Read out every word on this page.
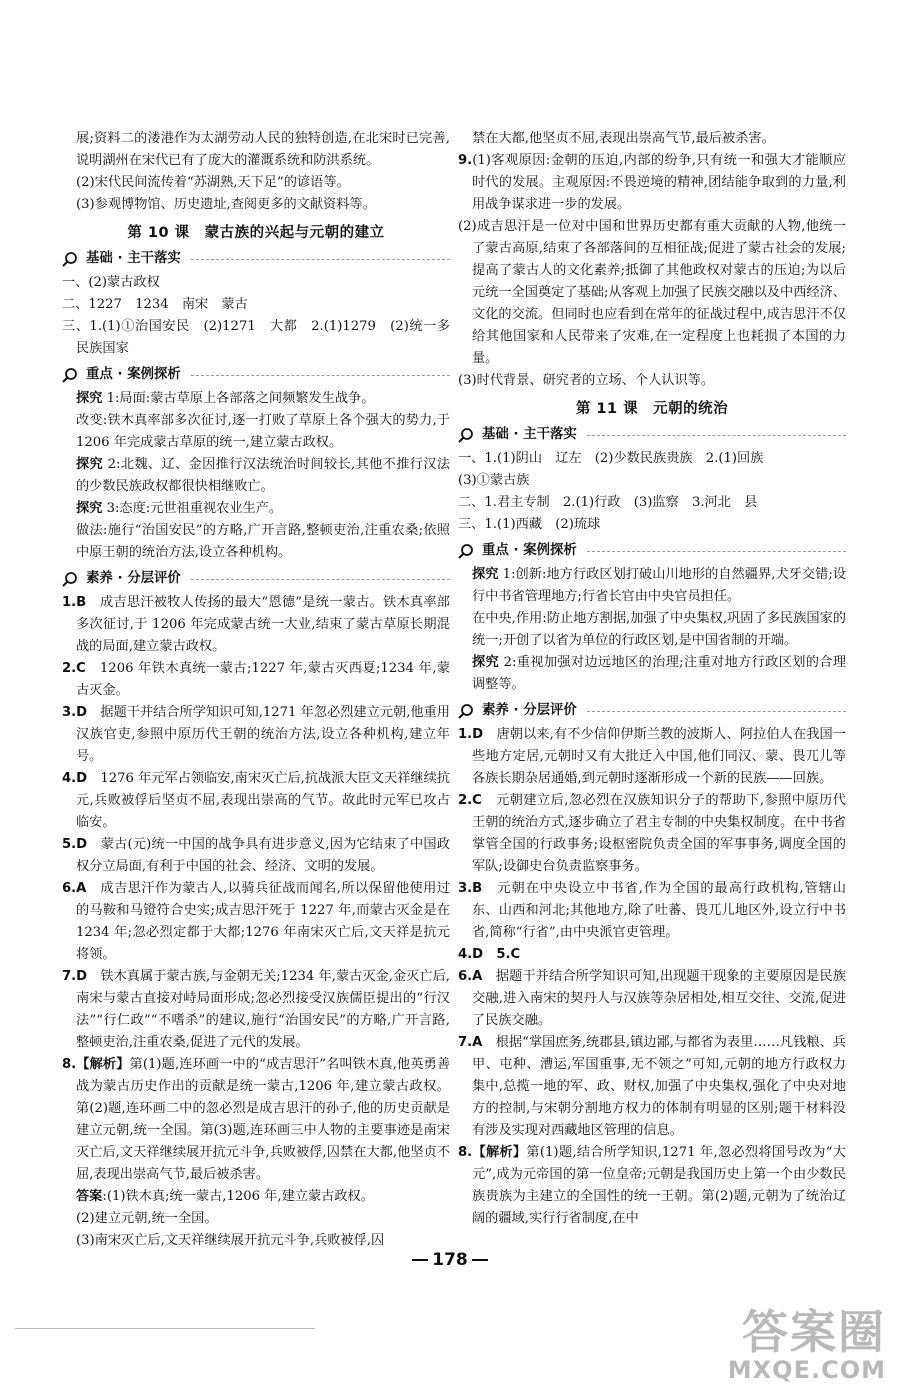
展;资料二的溇港作为太湖劳动人民的独特创造,在北宋时已完善,说明湖州在宋代已有了庞大的灌溉系统和防洪系统。

(2)宋代民间流传着“苏湖熟,天下足”的谚语等。

(3)参观博物馆、历史遗址,查阅更多的文献资料等。

第 10 课　蒙古族的兴起与元朝的建立
基础 · 主干落实

一、(2)蒙古政权

二、1227　1234　南宋　蒙古

三、1.(1)①治国安民　(2)1271　大都　2.(1)1279　(2)统一多民族国家

重点 · 案例探析

探究 1:局面:蒙古草原上各部落之间频繁发生战争。

改变:铁木真率部多次征讨,逐一打败了草原上各个强大的势力,于 1206 年完成蒙古草原的统一,建立蒙古政权。

探究 2:北魏、辽、金因推行汉法统治时间较长,其他不推行汉法的少数民族政权都很快相继败亡。

探究 3:态度:元世祖重视农业生产。

做法:施行“治国安民”的方略,广开言路,整顿吏治,注重农桑;依照中原王朝的统治方法,设立各种机构。

素养 · 分层评价

1.B　成吉思汗被牧人传扬的最大“恩德”是统一蒙古。铁木真率部多次征讨,于 1206 年完成蒙古统一大业,结束了蒙古草原长期混战的局面,建立蒙古政权。

2.C　1206 年铁木真统一蒙古;1227 年,蒙古灭西夏;1234 年,蒙古灭金。

3.D　据题干并结合所学知识可知,1271 年忽必烈建立元朝,他重用汉族官吏,参照中原历代王朝的统治方法,设立各种机构,建立年号。

4.D　1276 年元军占领临安,南宋灭亡后,抗战派大臣文天祥继续抗元,兵败被俘后坚贞不屈,表现出崇高的气节。故此时元军已攻占临安。

5.D　蒙古(元)统一中国的战争具有进步意义,因为它结束了中国政权分立局面,有利于中国的社会、经济、文明的发展。

6.A　成吉思汗作为蒙古人,以骑兵征战而闻名,所以保留他使用过的马鞍和马镫符合史实;成吉思汗死于 1227 年,而蒙古灭金是在 1234 年;忽必烈定都于大都;1276 年南宋灭亡后,文天祥是抗元将领。

7.D　铁木真属于蒙古族,与金朝无关;1234 年,蒙古灭金,金灭亡后,南宋与蒙古直接对峙局面形成;忽必烈接受汉族儒臣提出的“行汉法”“行仁政”“不嗜杀”的建议,施行“治国安民”的方略,广开言路,整顿吏治,注重农桑,促进了元代的发展。

8.【解析】第(1)题,连环画一中的“成吉思汗”名叫铁木真,他英勇善战为蒙古历史作出的贡献是统一蒙古,1206 年,建立蒙古政权。第(2)题,连环画二中的忽必烈是成吉思汗的孙子,他的历史贡献是建立元朝,统一全国。第(3)题,连环画三中人物的主要事迹是南宋灭亡后,文天祥继续展开抗元斗争,兵败被俘,囚禁在大都,他坚贞不屈,表现出崇高气节,最后被杀害。

答案:(1)铁木真;统一蒙古,1206 年,建立蒙古政权。

(2)建立元朝,统一全国。

(3)南宋灭亡后,文天祥继续展开抗元斗争,兵败被俘,囚

禁在大都,他坚贞不屈,表现出崇高气节,最后被杀害。

9.(1)客观原因:金朝的压迫,内部的纷争,只有统一和强大才能顺应时代的发展。主观原因:不畏逆境的精神,团结能争取到的力量,利用战争谋求进一步的发展。

(2)成吉思汗是一位对中国和世界历史都有重大贡献的人物,他统一了蒙古高原,结束了各部落间的互相征战;促进了蒙古社会的发展;提高了蒙古人的文化素养;抵御了其他政权对蒙古的压迫;为以后元统一全国奠定了基础;从客观上加强了民族交融以及中西经济、文化的交流。但同时也应看到在常年的征战过程中,成吉思汗不仅给其他国家和人民带来了灾难,在一定程度上也耗损了本国的力量。

(3)时代背景、研究者的立场、个人认识等。

第 11 课　元朝的统治
基础 · 主干落实

一、1.(1)阴山　辽左　(2)少数民族贵族　2.(1)回族

(3)①蒙古族

二、1.君主专制　2.(1)行政　(3)监察　3.河北　县

三、1.(1)西藏　(2)琉球

重点 · 案例探析

探究 1:创新:地方行政区划打破山川地形的自然疆界,犬牙交错;设行中书省管理地方;行省长官由中央官员担任。

在中央,作用:防止地方割据,加强了中央集权,巩固了多民族国家的统一;开创了以省为单位的行政区划,是中国省制的开端。

探究 2:重视加强对边远地区的治理;注重对地方行政区划的合理调整等。

素养 · 分层评价

1.D　唐朝以来,有不少信仰伊斯兰教的波斯人、阿拉伯人在我国一些地方定居,元朝时又有大批迁入中国,他们同汉、蒙、畏兀儿等各族长期杂居通婚,到元朝时逐渐形成一个新的民族——回族。

2.C　元朝建立后,忽必烈在汉族知识分子的帮助下,参照中原历代王朝的统治方式,逐步确立了君主专制的中央集权制度。在中书省掌管全国的行政事务;设枢密院负责全国的军事事务,调度全国的军队;设御史台负责监察事务。

3.B　元朝在中央设立中书省,作为全国的最高行政机构,管辖山东、山西和河北;其他地方,除了吐蕃、畏兀儿地区外,设立行中书省,简称“行省”,由中央派官吏管理。

4.D　5.C

6.A　据题干并结合所学知识可知,出现题干现象的主要原因是民族交融,进入南宋的契丹人与汉族等杂居相处,相互交往、交流,促进了民族交融。

7.A　根据“掌国庶务,统郡县,镇边鄙,与都省为表里……凡钱粮、兵甲、屯种、漕运,军国重事,无不领之”可知,元朝的地方行政权力集中,总揽一地的军、政、财权,加强了中央集权,强化了中央对地方的控制,与宋朝分割地方权力的体制有明显的区别;题干材料没有涉及实现对西藏地区管理的信息。

8.【解析】第(1)题,结合所学知识,1271 年,忽必烈将国号改为“大元”,成为元帝国的第一位皇帝;元朝是我国历史上第一个由少数民族贵族为主建立的全国性的统一王朝。第(2)题,元朝为了统治辽阔的疆域,实行行省制度,在中

178
答案圈
MXQE.COM
